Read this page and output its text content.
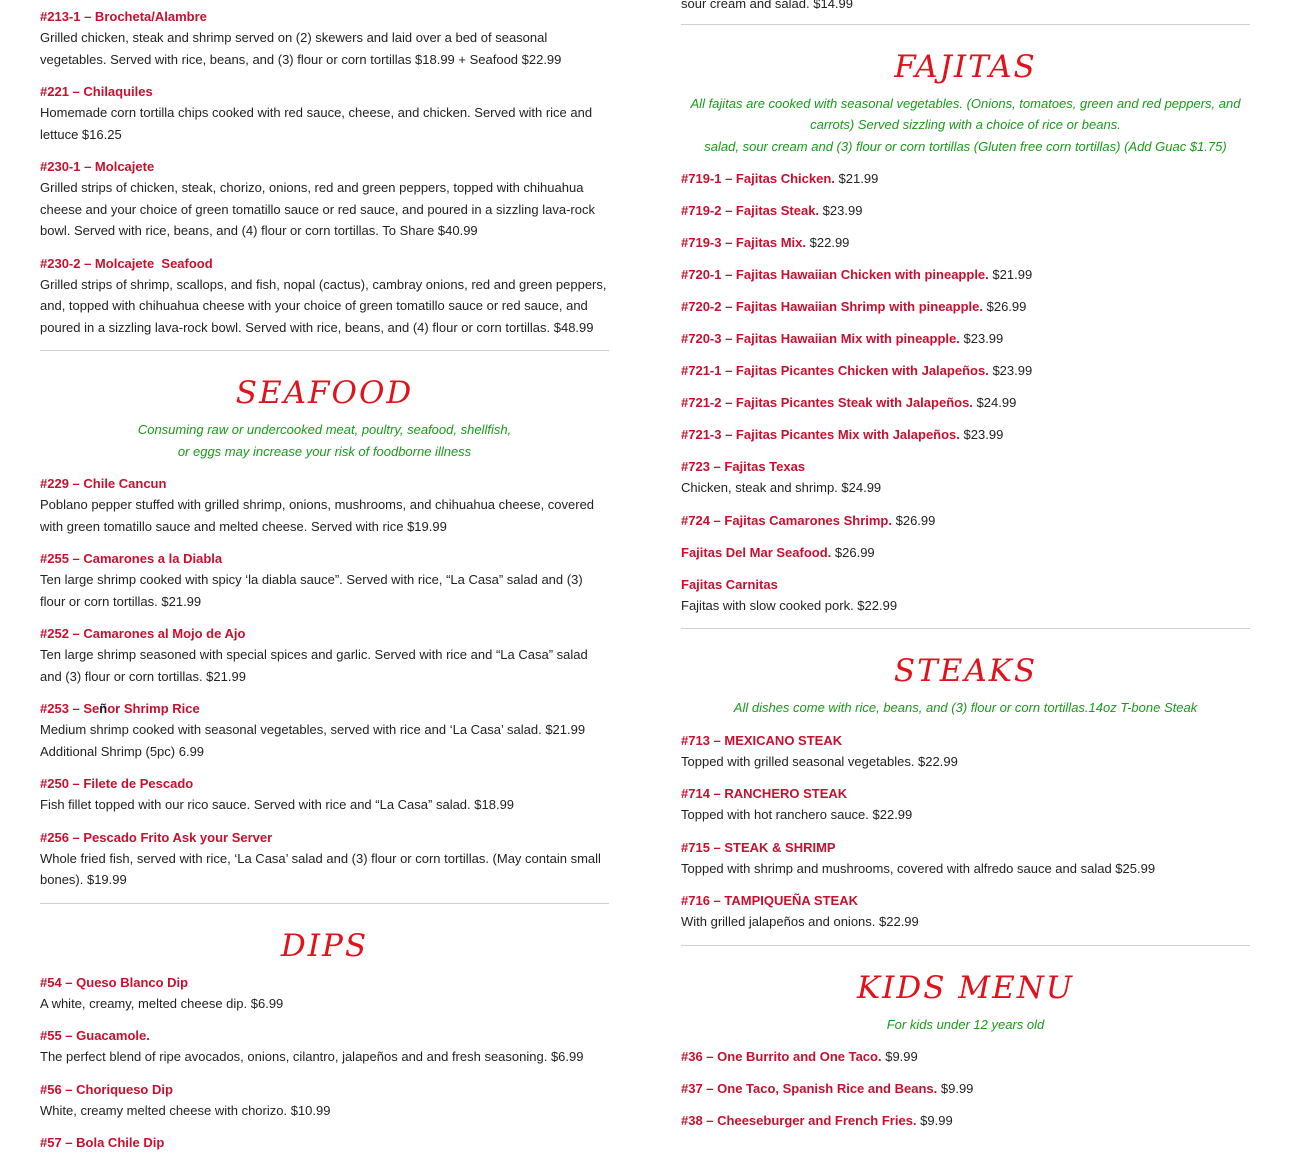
#213-1 – Brocheta/Alambre
Grilled chicken, steak and shrimp served on (2) skewers and laid over a bed of seasonal vegetables. Served with rice, beans, and (3) flour or corn tortillas $18.99 + Seafood $22.99
#221 – Chilaquiles
Homemade corn tortilla chips cooked with red sauce, cheese, and chicken. Served with rice and lettuce $16.25
#230-1 – Molcajete
Grilled strips of chicken, steak, chorizo, onions, red and green peppers, topped with chihuahua cheese and your choice of green tomatillo sauce or red sauce, and poured in a sizzling lava-rock bowl. Served with rice, beans, and (4) flour or corn tortillas. To Share $40.99
#230-2 – Molcajete  Seafood
Grilled strips of shrimp, scallops, and fish, nopal (cactus), cambray onions, red and green peppers, and, topped with chihuahua cheese with your choice of green tomatillo sauce or red sauce, and poured in a sizzling lava-rock bowl. Served with rice, beans, and (4) flour or corn tortillas. $48.99
SEAFOOD
Consuming raw or undercooked meat, poultry, seafood, shellfish,
or eggs may increase your risk of foodborne illness
#229 – Chile Cancun
Poblano pepper stuffed with grilled shrimp, onions, mushrooms, and chihuahua cheese, covered with green tomatillo sauce and melted cheese. Served with rice $19.99
#255 – Camarones a la Diabla
Ten large shrimp cooked with spicy ‘la diabla sauce”. Served with rice, “La Casa” salad and (3) flour or corn tortillas. $21.99
#252 – Camarones al Mojo de Ajo
Ten large shrimp seasoned with special spices and garlic. Served with rice and “La Casa” salad and (3) flour or corn tortillas. $21.99
#253 – Señor Shrimp Rice
Medium shrimp cooked with seasonal vegetables, served with rice and ‘La Casa’ salad. $21.99
Additional Shrimp (5pc) 6.99
#250 – Filete de Pescado
Fish fillet topped with our rico sauce. Served with rice and “La Casa” salad. $18.99
#256 – Pescado Frito Ask your Server
Whole fried fish, served with rice, ‘La Casa’ salad and (3) flour or corn tortillas. (May contain small bones). $19.99
DIPS
#54 – Queso Blanco Dip
A white, creamy, melted cheese dip. $6.99
#55 – Guacamole.
The perfect blend of ripe avocados, onions, cilantro, jalapeños and and fresh seasoning. $6.99
#56 – Choriqueso Dip
White, creamy melted cheese with chorizo. $10.99
#57 – Bola Chile Dip
sour cream and salad. $14.99
FAJITAS
All fajitas are cooked with seasonal vegetables. (Onions, tomatoes, green and red peppers, and carrots) Served sizzling with a choice of rice or beans.
salad, sour cream and (3) flour or corn tortillas (Gluten free corn tortillas) (Add Guac $1.75)
#719-1 – Fajitas Chicken. $21.99
#719-2 – Fajitas Steak. $23.99
#719-3 – Fajitas Mix. $22.99
#720-1 – Fajitas Hawaiian Chicken with pineapple. $21.99
#720-2 – Fajitas Hawaiian Shrimp with pineapple. $26.99
#720-3 – Fajitas Hawaiian Mix with pineapple. $23.99
#721-1 – Fajitas Picantes Chicken with Jalapeños. $23.99
#721-2 – Fajitas Picantes Steak with Jalapeños. $24.99
#721-3 – Fajitas Picantes Mix with Jalapeños. $23.99
#723 – Fajitas Texas
Chicken, steak and shrimp. $24.99
#724 – Fajitas Camarones Shrimp. $26.99
Fajitas Del Mar Seafood. $26.99
Fajitas Carnitas
Fajitas with slow cooked pork. $22.99
STEAKS
All dishes come with rice, beans, and (3) flour or corn tortillas.14oz T-bone Steak
#713 – MEXICANO STEAK
Topped with grilled seasonal vegetables. $22.99
#714 – RANCHERO STEAK
Topped with hot ranchero sauce. $22.99
#715 – STEAK & SHRIMP
Topped with shrimp and mushrooms, covered with alfredo sauce and salad $25.99
#716 – TAMPIQUEÑA STEAK
With grilled jalapeños and onions. $22.99
KIDS MENU
For kids under 12 years old
#36 – One Burrito and One Taco. $9.99
#37 – One Taco, Spanish Rice and Beans. $9.99
#38 – Cheeseburger and French Fries. $9.99
